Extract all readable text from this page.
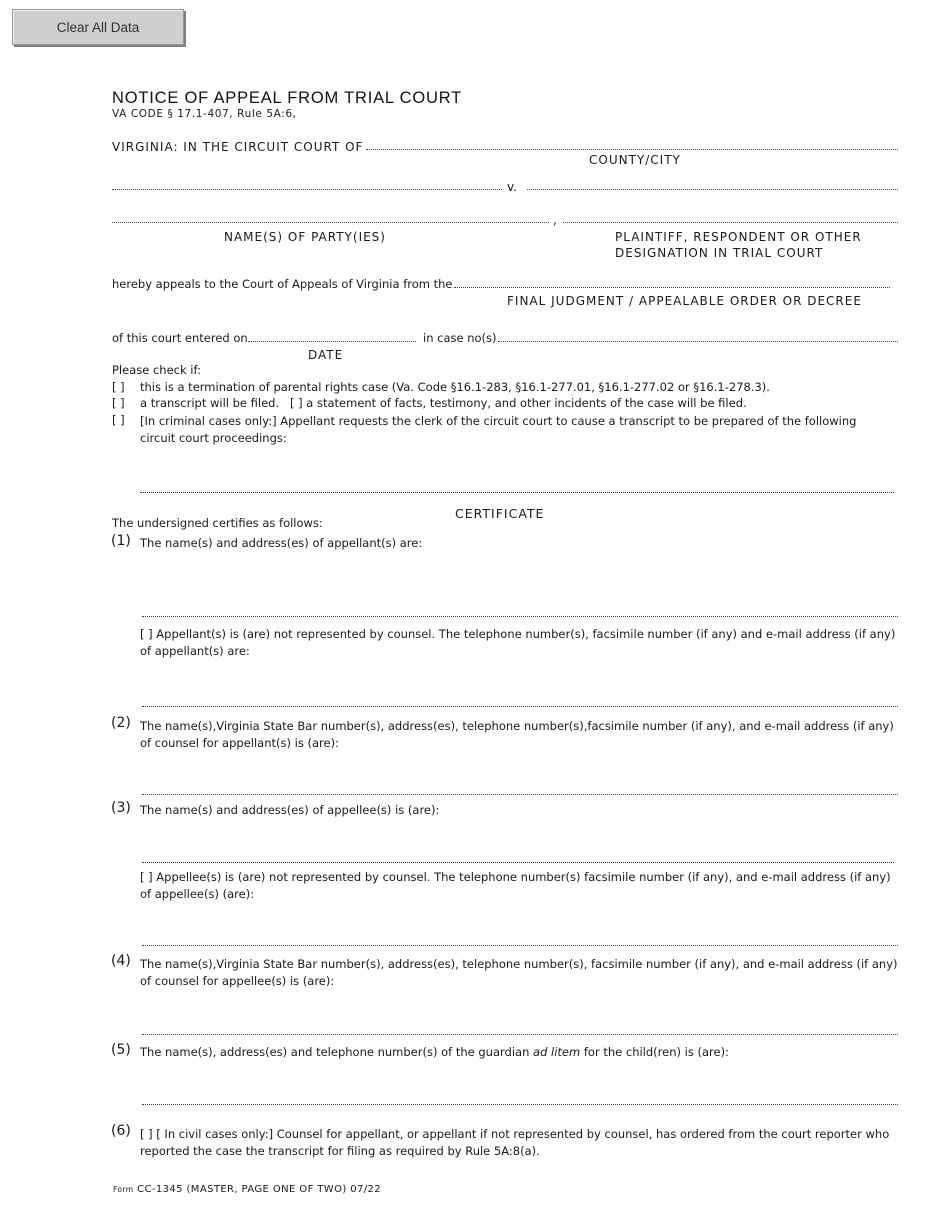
Clear All Data
NOTICE OF APPEAL FROM TRIAL COURT
VA CODE § 17.1-407, Rule 5A:6,
VIRGINIA: IN THE CIRCUIT COURT OF
COUNTY/CITY
v.
,
NAME(S) OF PARTY(IES)	PLAINTIFF, RESPONDENT OR OTHER
DESIGNATION IN TRIAL COURT
hereby appeals to the Court of Appeals of Virginia from the
FINAL JUDGMENT / APPEALABLE ORDER OR DECREE
of this court entered on	in case no(s)
DATE
Please check if:
[ ] this is a termination of parental rights case (Va. Code §16.1-283, §16.1-277.01, §16.1-277.02 or §16.1-278.3).
[ ] a transcript will be filed. [ ] a statement of facts, testimony, and other incidents of the case will be filed.
[ ] [In criminal cases only:] Appellant requests the clerk of the circuit court to cause a transcript to be prepared of the following circuit court proceedings:
CERTIFICATE
The undersigned certifies as follows:
(1) The name(s) and address(es) of appellant(s) are:
[ ] Appellant(s) is (are) not represented by counsel. The telephone number(s), facsimile number (if any) and e-mail address (if any) of appellant(s) are:
(2) The name(s),Virginia State Bar number(s), address(es), telephone number(s),facsimile number (if any), and e-mail address (if any) of counsel for appellant(s) is (are):
(3) The name(s) and address(es) of appellee(s) is (are):
[ ] Appellee(s) is (are) not represented by counsel. The telephone number(s) facsimile number (if any), and e-mail address (if any) of appellee(s) (are):
(4) The name(s),Virginia State Bar number(s), address(es), telephone number(s), facsimile number (if any), and e-mail address (if any) of counsel for appellee(s) is (are):
(5) The name(s), address(es) and telephone number(s) of the guardian ad litem for the child(ren) is (are):
(6) [ ] [ In civil cases only:] Counsel for appellant, or appellant if not represented by counsel, has ordered from the court reporter who reported the case the transcript for filing as required by Rule 5A:8(a).
Form CC-1345 (MASTER, PAGE ONE OF TWO) 07/22
